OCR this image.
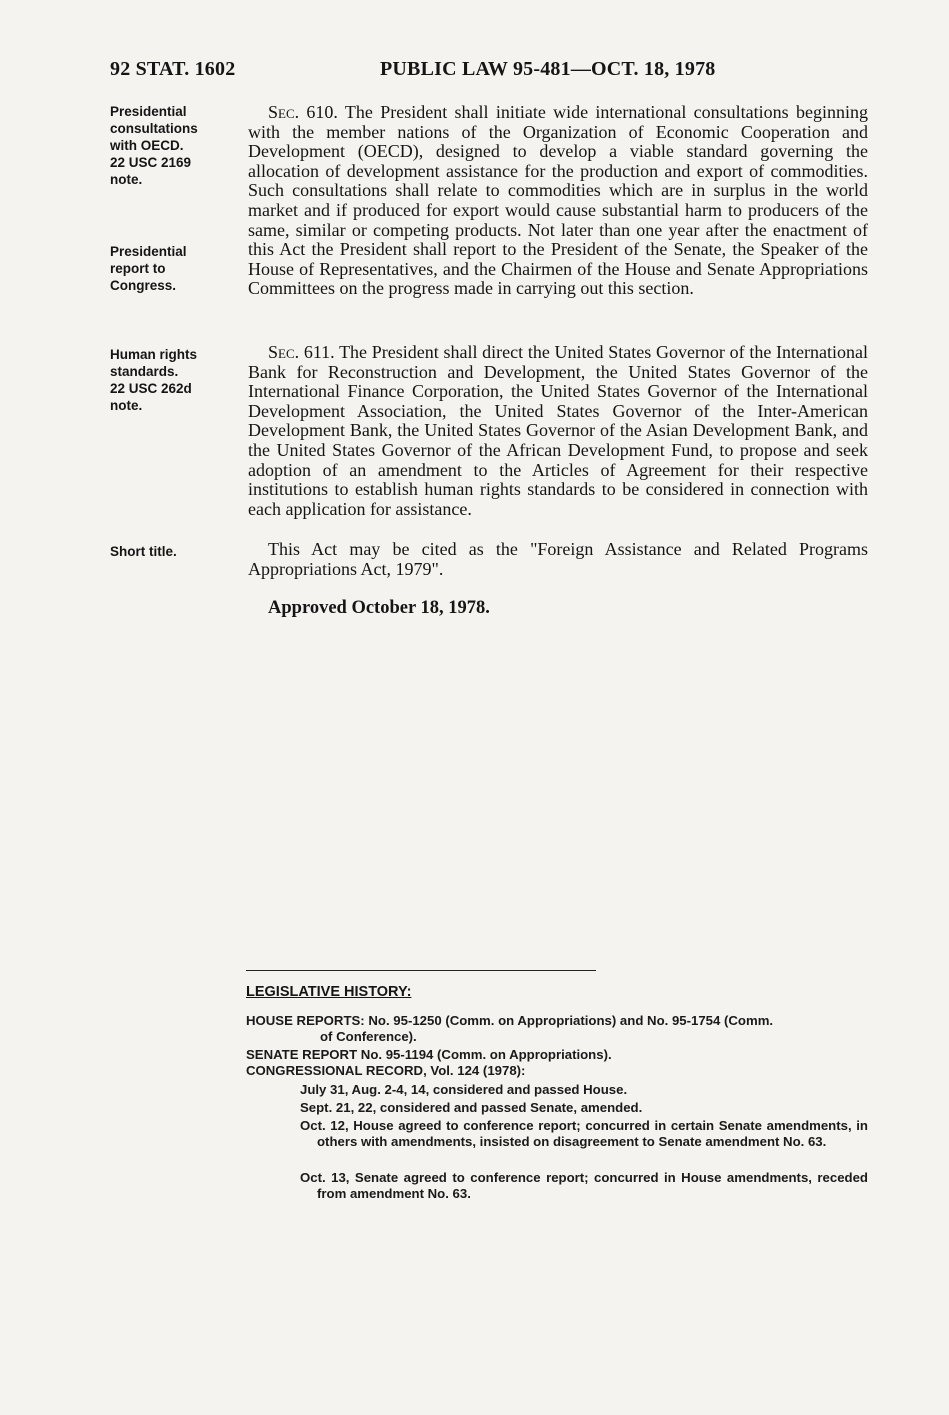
92 STAT. 1602	PUBLIC LAW 95-481—OCT. 18, 1978
Presidential
consultations
with OECD.
22 USC 2169
note.
Presidential
report to
Congress.
Human rights
standards.
22 USC 262d
note.
Short title.
Sec. 610. The President shall initiate wide international consultations beginning with the member nations of the Organization of Economic Cooperation and Development (OECD), designed to develop a viable standard governing the allocation of development assistance for the production and export of commodities. Such consultations shall relate to commodities which are in surplus in the world market and if produced for export would cause substantial harm to producers of the same, similar or competing products. Not later than one year after the enactment of this Act the President shall report to the President of the Senate, the Speaker of the House of Representatives, and the Chairmen of the House and Senate Appropriations Committees on the progress made in carrying out this section.
Sec. 611. The President shall direct the United States Governor of the International Bank for Reconstruction and Development, the United States Governor of the International Finance Corporation, the United States Governor of the International Development Association, the United States Governor of the Inter-American Development Bank, the United States Governor of the Asian Development Bank, and the United States Governor of the African Development Fund, to propose and seek adoption of an amendment to the Articles of Agreement for their respective institutions to establish human rights standards to be considered in connection with each application for assistance.
This Act may be cited as the "Foreign Assistance and Related Programs Appropriations Act, 1979".
Approved October 18, 1978.
LEGISLATIVE HISTORY:
HOUSE REPORTS: No. 95-1250 (Comm. on Appropriations) and No. 95-1754 (Comm.
of Conference).
SENATE REPORT No. 95-1194 (Comm. on Appropriations).
CONGRESSIONAL RECORD, Vol. 124 (1978):
July 31, Aug. 2-4, 14, considered and passed House.
Sept. 21, 22, considered and passed Senate, amended.
Oct. 12, House agreed to conference report; concurred in certain Senate amendments, in others with amendments, insisted on disagreement to Senate amendment No. 63.
Oct. 13, Senate agreed to conference report; concurred in House amendments, receded from amendment No. 63.
